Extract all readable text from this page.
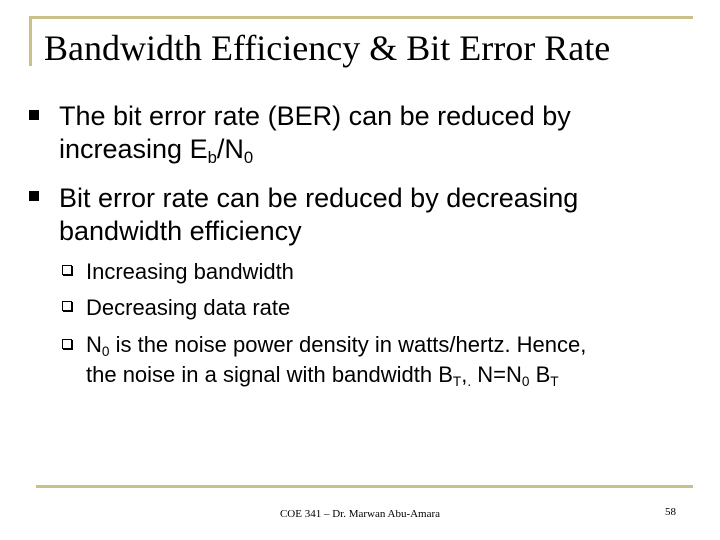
Bandwidth Efficiency & Bit Error Rate
The bit error rate (BER) can be reduced by
increasing $E_b/N_0$
Bit error rate can be reduced by decreasing
bandwidth efficiency
Increasing bandwidth
Decreasing data rate
$N_0$ is the noise power density in watts/hertz. Hence,
the noise in a signal with bandwidth $B_T,_.$ $N=N_0$ $B_T$
COE 341 – Dr. Marwan Abu-Amara	58
